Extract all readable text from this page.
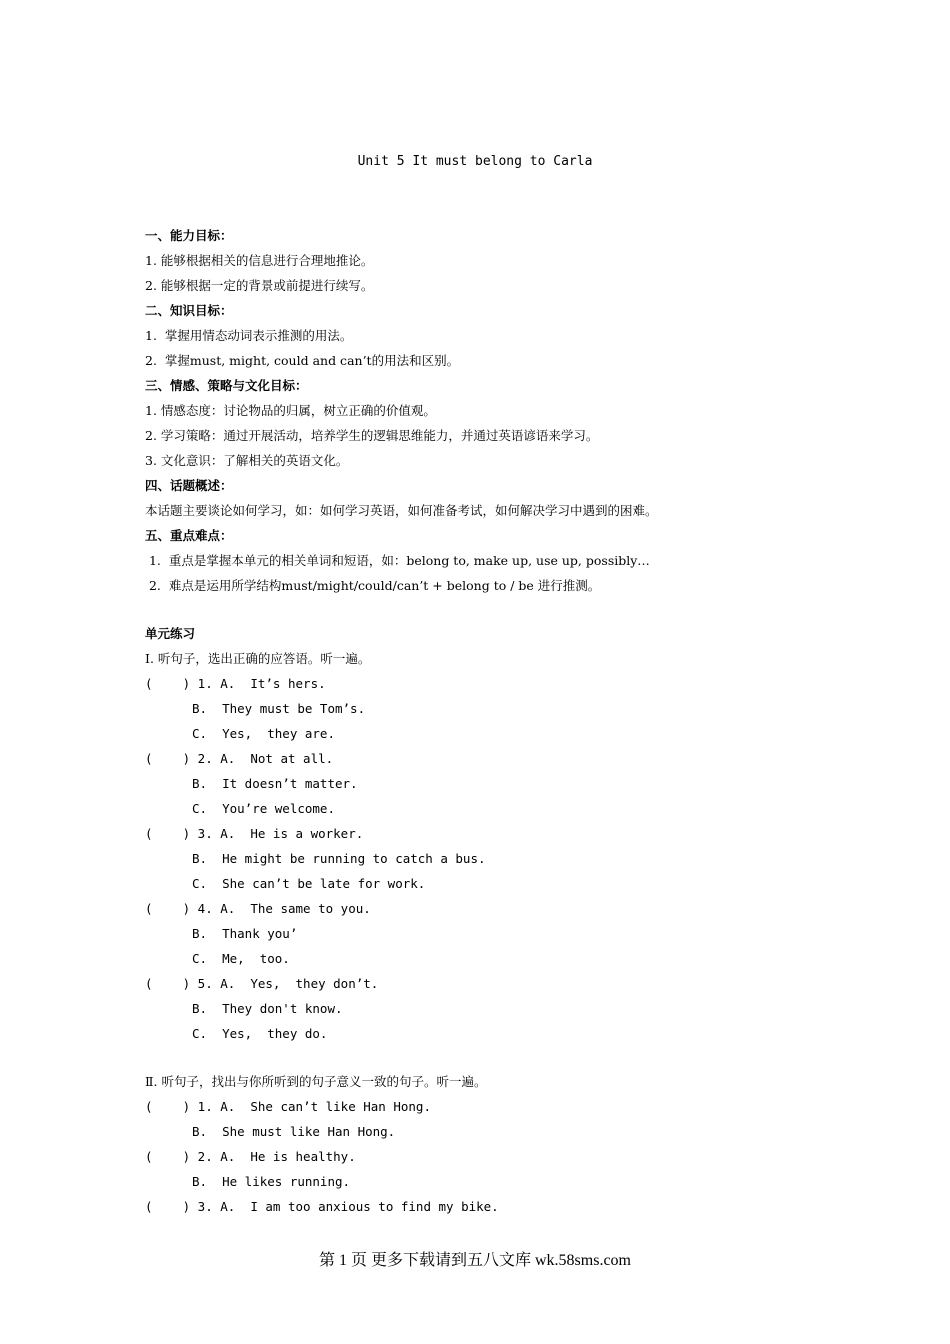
Unit 5 It must belong to Carla
一、能力目标：
1. 能够根据相关的信息进行合理地推论。
2. 能够根据一定的背景或前提进行续写。
二、知识目标：
1.  掌握用情态动词表示推测的用法。
2.  掌握must, might, could and can’t的用法和区别。
三、情感、策略与文化目标：
1. 情感态度：讨论物品的归属，树立正确的价值观。
2. 学习策略：通过开展活动，培养学生的逻辑思维能力，并通过英语谚语来学习。
3. 文化意识：了解相关的英语文化。
四、话题概述：
本话题主要谈论如何学习，如：如何学习英语，如何准备考试，如何解决学习中遇到的困难。
五、重点难点：
1.  重点是掌握本单元的相关单词和短语，如：belong to, make up, use up, possibly…
2.  难点是运用所学结构must/might/could/can’t + belong to / be 进行推测。
单元练习
Ⅰ. 听句子，选出正确的应答语。听一遍。
(    ) 1. A.  It’s hers.
B.  They must be Tom’s.
C.  Yes,  they are.
(    ) 2. A.  Not at all.
B.  It doesn’t matter.
C.  You’re welcome.
(    ) 3. A.  He is a worker.
B.  He might be running to catch a bus.
C.  She can’t be late for work.
(    ) 4. A.  The same to you.
B.  Thank you’
C.  Me,  too.
(    ) 5. A.  Yes,  they don’t.
B.  They don't know.
C.  Yes,  they do.
Ⅱ. 听句子，找出与你所听到的句子意义一致的句子。听一遍。
(    ) 1. A.  She can’t like Han Hong.
B.  She must like Han Hong.
(    ) 2. A.  He is healthy.
B.  He likes running.
(    ) 3. A.  I am too anxious to find my bike.
第 1 页 更多下载请到五八文库 wk.58sms.com
